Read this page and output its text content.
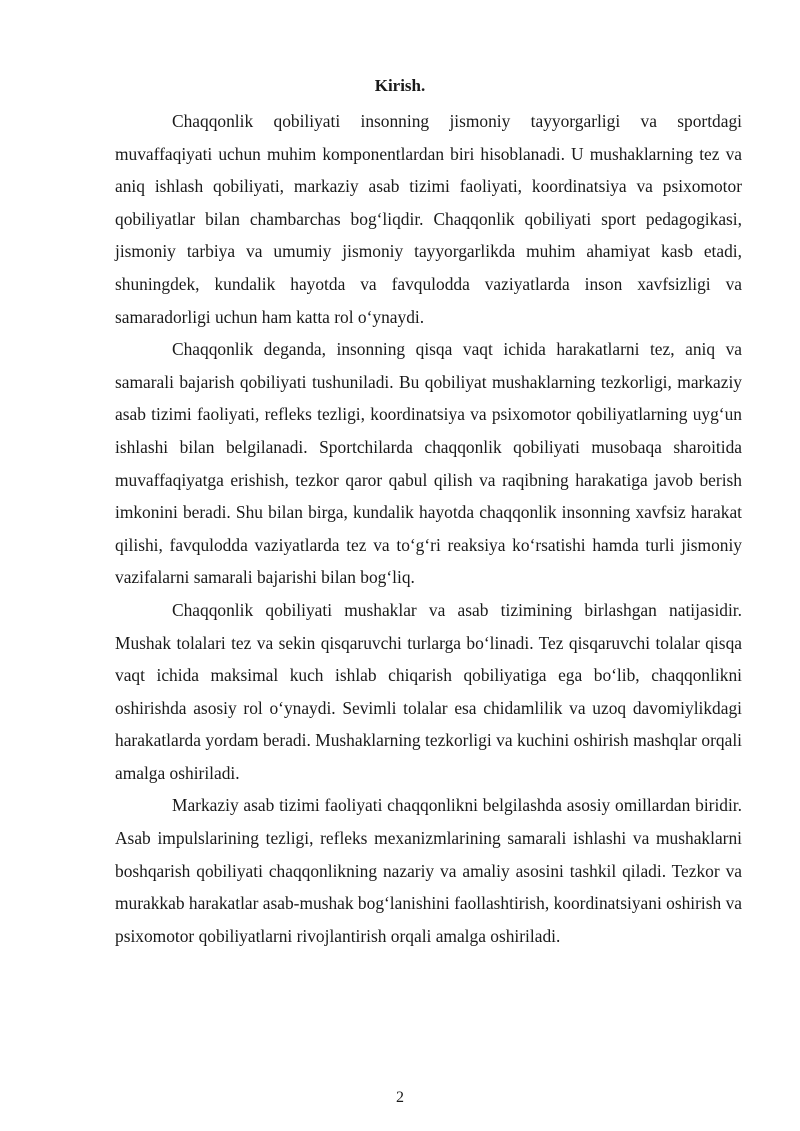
Kirish.

Chaqqonlik qobiliyati insonning jismoniy tayyorgarligi va sportdagi muvaffaqiyati uchun muhim komponentlardan biri hisoblanadi. U mushaklarning tez va aniq ishlash qobiliyati, markaziy asab tizimi faoliyati, koordinatsiya va psixomotor qobiliyatlar bilan chambarchas bog‘liqdir. Chaqqonlik qobiliyati sport pedagogikasi, jismoniy tarbiya va umumiy jismoniy tayyorgarlikda muhim ahamiyat kasb etadi, shuningdek, kundalik hayotda va favqulodda vaziyatlarda inson xavfsizligi va samaradorligi uchun ham katta rol o‘ynaydi.

Chaqqonlik deganda, insonning qisqa vaqt ichida harakatlarni tez, aniq va samarali bajarish qobiliyati tushuniladi. Bu qobiliyat mushaklarning tezkorligi, markaziy asab tizimi faoliyati, refleks tezligi, koordinatsiya va psixomotor qobiliyatlarning uyg‘un ishlashi bilan belgilanadi. Sportchilarda chaqqonlik qobiliyati musobaqa sharoitida muvaffaqiyatga erishish, tezkor qaror qabul qilish va raqibning harakatiga javob berish imkonini beradi. Shu bilan birga, kundalik hayotda chaqqonlik insonning xavfsiz harakat qilishi, favqulodda vaziyatlarda tez va to‘g‘ri reaksiya ko‘rsatishi hamda turli jismoniy vazifalarni samarali bajarishi bilan bog‘liq.

Chaqqonlik qobiliyati mushaklar va asab tizimining birlashgan natijasidir. Mushak tolalari tez va sekin qisqaruvchi turlarga bo‘linadi. Tez qisqaruvchi tolalar qisqa vaqt ichida maksimal kuch ishlab chiqarish qobiliyatiga ega bo‘lib, chaqqonlikni oshirishda asosiy rol o‘ynaydi. Sevimli tolalar esa chidamlilik va uzoq davomiylikdagi harakatlarda yordam beradi. Mushaklarning tezkorligi va kuchini oshirish mashqlar orqali amalga oshiriladi.

Markaziy asab tizimi faoliyati chaqqonlikni belgilashda asosiy omillardan biridir. Asab impulslarining tezligi, refleks mexanizmlarining samarali ishlashi va mushaklarni boshqarish qobiliyati chaqqonlikning nazariy va amaliy asosini tashkil qiladi. Tezkor va murakkab harakatlar asab-mushak bog‘lanishini faollashtirish, koordinatsiyani oshirish va psixomotor qobiliyatlarni rivojlantirish orqali amalga oshiriladi.

2
